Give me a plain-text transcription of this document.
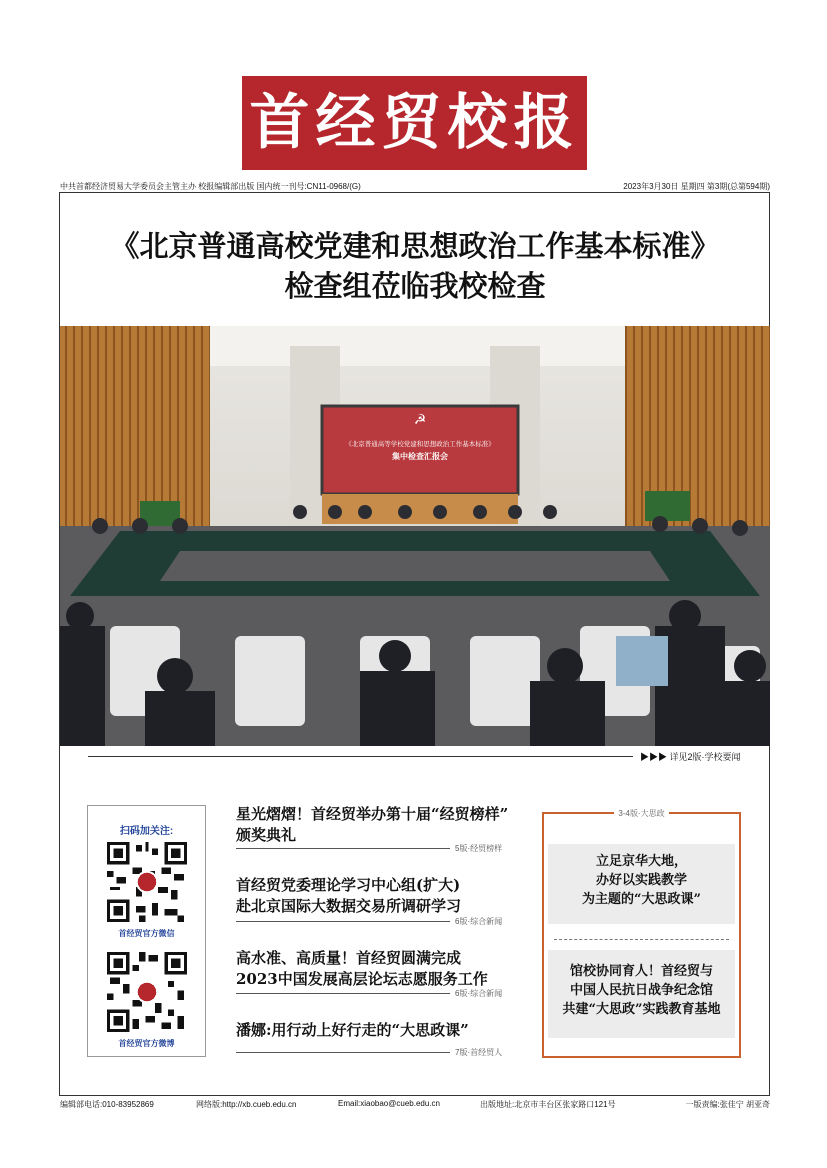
首经贸校报
中共首都经济贸易大学委员会主管主办 校报编辑部出版 国内统一刊号:CN11-0968/(G)	2023年3月30日 星期四 第3期(总第594期)
《北京普通高校党建和思想政治工作基本标准》
检查组莅临我校检查
☭
《北京普通高等学校党建和思想政治工作基本标准》
集中检查汇报会
▶▶▶ 详见2版·学校要闻
扫码加关注:
首经贸官方微信
首经贸官方微博
星光熠熠！首经贸举办第十届“经贸榜样”
颁奖典礼
5版·经贸榜样
首经贸党委理论学习中心组(扩大)
赴北京国际大数据交易所调研学习
6版·综合新闻
高水准、高质量！首经贸圆满完成
2023中国发展高层论坛志愿服务工作
6版·综合新闻
潘娜:用行动上好行走的“大思政课”
7版·首经贸人
3-4版·大思政
立足京华大地，
办好以实践教学
为主题的“大思政课”
馆校协同育人！首经贸与
中国人民抗日战争纪念馆
共建“大思政”实践教育基地
编辑部电话:010-83952869	网络版:http://xb.cueb.edu.cn	Email:xiaobao@cueb.edu.cn	出版地址:北京市丰台区张家路口121号	一版责编:张佳宁 胡亚奇
